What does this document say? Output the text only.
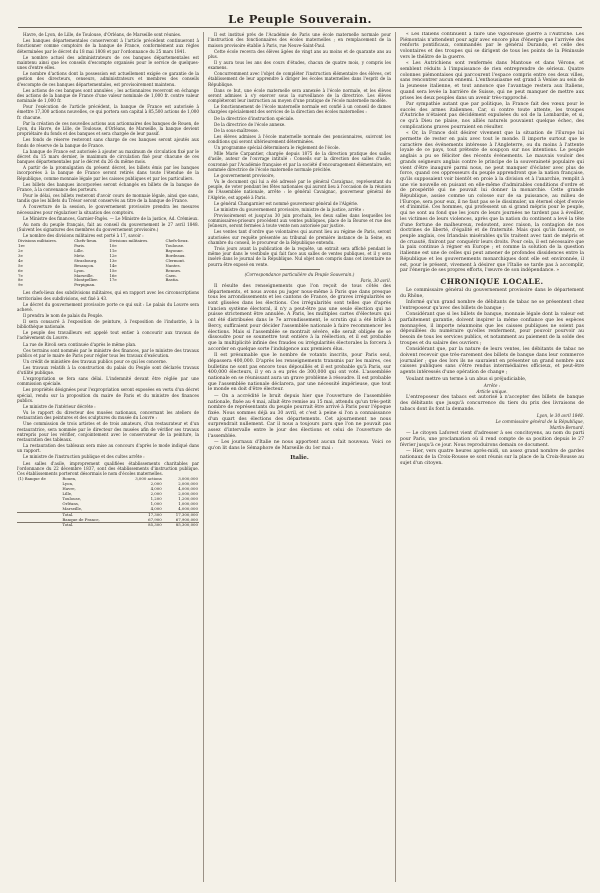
Le Peuple Souverain.

Havre, de Lyon, de Lille, de Toulouse, d'Orléans, de Marseille sont réunies.

Les banques départementales conserveront à l'article précédent continueront à fonctionner comme comptoirs de la banque de France, conformément aux règles déterminées par le décret du 18 mai 1808 et par l'ordonnance du 25 mars 1841.

Le nombre actuel des administrateurs de ces banques départementales est maintenu ainsi que les conseils d'escompte organisés pour le service de quelques-unes d'entre elles.

Le nombre d'actions dont la possession est actuellement exigée ce garantie de la gestion des directeurs, censeurs, administrateurs et membres des conseils d'escompte de ces banques départementales, est provisoirement maintenu.

Les actions de ces banques sont annulées ; les actionnaires recevront en échange des actions de la banque de France d'une valeur nominale de 1,000 fr. contre valeur nominale de 1,000 fr.

Pour l'exécution de l'article précédent, la banque de France est autorisée à émettre 17,300 actions nouvelles, ce qui portera son capital à 85,500 actions de 1,000 fr. chacune.

Par la création de ces nouvelles actions aux actionnaires des banques de Rouen, de Lyon, du Havre, de Lille, de Toulouse, d'Orléans, de Marseille, la banque devient propriétaire du fonds et des banques et sera chargée de leur passif.

Les fonds de réserve resteront sans charge de ces banques seront ajoutés aux fonds de réserve de la banque de France.

La banque de France est autorisée à ajouter au maximum de circulation fixé par le décret du 15 mars dernier, le maximum de circulation fixé pour chacune de ces banques départementales par le décret du 26 du même mois.

A partir de la promulgation du présent décret, les billets émis par les banques incorporées à la banque de France seront retirés dans toute l'étendue de la République, comme monnaie légale par les caisses publiques et par les particuliers.

Les billets des banques incorporées seront échangés en billets de la banque de France, à la convenance des porteurs.

Pour le délai, ces billets resteront d'avoir cours de monnaie légale, ainsi que sans, tandis que les billets du Trésor seront conservés au titre de la banque de France.

A l'ouverture de la session, le gouvernement provisoire prendra les mesures nécessaires pour régulariser la situation des comptoirs.

Le Ministre des finances, Garnier-Pagès. — Le Ministre de la justice, Ad. Crémieux.

Au nom du peuple français, fait au conseil du gouvernement le 27 avril 1848. (Suivent les signatures des membres du gouvernement provisoire.)

Le nombre des divisions militaires est porté à 17, savoir :

Divisions militaires.	Chefs-lieux.	Divisions militaires.	Chefs-lieux.
1re	Paris.	10e	Toulouse.
2e	Lille.	11e	Bayonne.
3e	Metz.	12e	Bordeaux.
4e	Strasbourg.	13e	Clermont.
5e	Besançon.	14e	Nantes.
6e	Lyon.	15e	Rennes.
7e	Marseille.	16e	Caen.
8e	Montpellier.	17e	Bastia.
9e	Perpignan.		

Les chefs-lieux des subdivisions militaires, qui en rapport avec les circonscriptions territoriales des subdivisions, est fixé à 43.

Le décret du gouvernement provisoire porte ce qui suit : Le palais du Louvre sera achevé.

Il prendra le nom de palais du Peuple.

Il sera consacré à l'exposition de peinture, à l'exposition de l'industrie, à la bibliothèque nationale.

Le peuple des travailleurs est appelé tout entier à concourir aux travaux de l'achèvement du Louvre.

La rue de Rivoli sera continuée d'après le même plan.

Ces terrains sont nommés par le ministre des finances, par le ministre des travaux publics et par le maire de Paris pour régler tous les travaux d'exécution.

Un crédit de ministère des travaux publics pour ce qui les concerne.

Les travaux relatifs à la construction du palais du Peuple sont déclarés travaux d'utilité publique.

L'expropriation se fera sans délai. L'indemnité devant être réglée par une commission spéciale.

Les propriétés désignées pour l'expropriation seront exposées en vertu d'un décret spécial, rendu sur la proposition du maire de Paris et du ministre des finances publics.

Le ministre de l'intérieur décrète :

Vu le rapport du directeur des musées nationaux, concernant les ateliers de restauration des peintures et des sculptures du musée du Louvre :

Une commission de trois artistes et de trois amateurs, d'un restaurateur et d'un restauratrice, sera nommée par le directeur des musées afin de vérifier ses travaux entrepris pour les vérifier, conjointement avec le conservateur de la peinture, la restauration des tableaux.

La restauration des tableaux sera mise au concours d'après le mode indiqué dans un rapport.

Le ministre de l'instruction publique et des cultes arrête :

Les salles d'asile, improprement qualifiées établissements charitables par l'ordonnance du 22 décembre 1837, sont des établissements d'instruction publique. Ces établissements porteront désormais le nom d'écoles maternelles.

(1) Banque de	Rouen,	3,000 actions	3,000,000
	Lyon,	2,000	2,000,000
	Havre,	4,000	4,000,000
	Lille,	2,000	2,000,000
	Toulouse,	1,200	1,200,000
	Orléans,	1,000	1,000,000
	Marseille,	4,000	4,000,000
	Total.	17,300	17,300,000
	Banque de France,	67,900	67,900,000
	Total.	85,300	85,300,000

Il est institué près de l'Académie de Paris une école maternelle normale pour l'instruction des fonctionnaires des écoles maternelles ; en remplacement de la maison provisoire établie à Paris, rue Neuve-Saint-Paul.

Cette école recevra des élèves âgées de vingt ans au moins et de quarante ans au plus.

Il y aura tous les ans des cours d'études, chacun de quatre mois, y compris les examens.

Concurremment avec l'objet de compléter l'instruction élémentaire des élèves, cet établissement de leur apprendre à diriger les écoles maternelles dans l'esprit de la République.

Dans ce but, une école maternelle sera annexée à l'école normale, et les élèves seront admises à s'y exercer sous la surveillance de la directrice. Les élèves compléteront leur instruction au moyen d'une pratique de l'école maternelle modèle.

Le fonctionnement de l'école maternelle normale est confié à un conseil de dames chargées spécialement des services de la direction des écoles maternelles :

De la directrice d'instruction spéciale.

De la directrice de l'école annexe.

De la sous-maîtresse.

Les élèves admises à l'école maternelle normale des pensionnaires, suivront les conditions qui seront ultérieurement déterminées.

Un programme spécial déterminera le règlement de l'école.

Mlle Marie Carpantier, chargée depuis 1875 de la direction pratique des salles d'asile, auteur de l'ouvrage intitulé : Conseils sur la direction des salles d'asile, couronné par l'Académie française et par la société d'encouragement élémentaire, est nommée directrice de l'école maternelle normale précitée.

Le gouvernement provisoire,

Vu le document qui lui a été adressé par le général Cavaignac, représentant du peuple, de voter pendant les fêtes nationales qui auront lieu à l'occasion de la réunion de l'Assemblée nationale, arrête : le général Cavaignac, gouverneur général de l'Algérie, est appelé à Paris.

Le général Changarnier est nommé gouverneur général de l'Algérie.

Le ministre du gouvernement provisoire, ministre de la justice, arrête :

Provisoirement et jusqu'au 30 juin prochain, les deux salles dans lesquelles les commissaires-priseurs procèdent aux ventes publiques, place de la Bourse et rue des Jeûneurs, seront fermées à toute vente non autorisée par justice.

Les ventes tant d'ordre que volontaires qui auront lieu au régime de Paris, seront autorisées sur requête présentée au tribunal de première instance de la Seine, en chambre du conseil, le procureur de la République entendu.

Trois jours avant la publication de la requête, un extrait sera affiché pendant le même jour dans le vestibule qui fait face aux salles de ventes publiques, et il y sera inséré dans le journal de la République. Nul objet non compris dans cet inventaire ne pourra être exposé en vente.

(Correspondance particulière du Peuple Souverain.)

Paris, 30 avril.

Il résulte des renseignements que l'on reçoit de tous côtés des départements, et nous avons pu juger nous-même à Paris que dans presque tous les arrondissements et les cantons de France, de graves irrégularités se sont glissées dans les élections. Ces irrégularités sont telles que d'après l'ancien système électoral, il n'y a peut-être pas une seule élection qui ne puisse strictement être annulée. A Paris, les multiples cartes d'électeurs qui ont été distribuées dans le 7e arrondissement, le scrutin qui a été brûlé à Bercy, suffiraient pour décider l'assemblée nationale à faire recommencer les élections. Mais si l'assemblée se montrait sévère, elle serait obligée de se dissoudre pour se soumettre tout entière à la réélection, et il est probable que la multiplicité infinie des fraudes ou irrégularités électorales la forcera à accorder en quelque sorte l'indulgence aux premiers élus.

Il est présumable que le nombre de votants inscrits, pour Paris seul, dépassera 400,000. D'après les renseignements transmis par les maires, ces bulletins ne sont pas encore tous dépouillés et il est probable qu'à Paris, sur 400,000 électeurs, il y en a eu près de 300,000 qui ont voté. L'assemblée nationale en se réunissant aura un grave problème à résoudre. Il est probable que l'assemblée nationale déclarera, par une nécessité impérieuse, que tout le monde en doit d'être électeur.

— On a accrédité le bruit depuis hier que l'ouverture de l'assemblée nationale, fixée au 4 mai, allait être remise au 15 mai, attendu qu'un très-petit nombre de représentants du peuple pourrait être arrivé à Paris pour l'époque fixée. Nous sommes déjà au 30 avril, et c'est à peine si l'on a connaissance d'un quart des élections des départements. Cet ajournement ne nous surprendrait nullement. Car il nous a toujours paru que l'on ne pouvait pas assez d'intervalle entre le jour des élections et celui de l'ouverture de l'assemblée.

— Les journaux d'Italie ne nous apportent aucun fait nouveau. Voici ce qu'on lit dans le Sémaphore de Marseille du 1er mai :

Italie.

« Les Italiens continuent à faire une vigoureuse guerre à l'Autriche. Les Piémontais n'attendent pour agir avec encore plus d'énergie que l'arrivée des renforts pontificaux, commandés par le général Durando, et celle des volontaires et des troupes qui se dirigent de tous les points de la Péninsule vers le théâtre de la guerre.

« Les Autrichiens sont renfermés dans Mantoue et dans Vérone, et semblent réduits à l'impuissance de rien entreprendre de sérieux. Quatre colonnes piémontaises qui parcourent l'espace compris entre ces deux villes, sans rencontrer aucun ennemi. L'enthousiasme est grand à Venise au sein de la jeunesse italienne, et tout annonce que l'avantage restera aux Italiens, quand sera levée la barrière de Suisse, qui ne peut manquer de mettre aux prises les deux peuples dans un avenir très-rapproché.

Par sympathie autant que par politique, la France fait des vœux pour le succès des armes italiennes. Car, si contre toute attente, les troupes d'Autriche n'étaient pas décidément expulsées du sol de la Lombardie, et si, ce qu'à Dieu ne plaise, nos alliés naturels pouvaient quelque échec, des complications graves pourraient en résulter.

« Or, la France doit désirer vivement que la situation de l'Europe lui permette de rester en paix avec tout le monde. Il importe surtout que le caractère des événements intéresse à l'Angleterre, ou du moins à l'attente loyale de ce pays, tout prétexte de soupçon sur nos intentions. Le peuple anglais a pu se féliciter des récents événements. Le mauvais vouloir des grands seigneurs anglais contre le principe de la souveraineté populaire qui vient d'être inauguré parmi nous, ne peut manquer d'éclater avec plus de force, quand ces oppresseurs du peuple apprendront que la nation française, qu'ils supposaient voir bientôt en proie à la division et à l'anarchie, remplit à une vie nouvelle en puisant en elle-même d'admirables conditions d'ordre et de prospérité qui ne pouvait lui donner la monarchie. Cette grande République, assise comme un colosse sur de sa puissance, au milieu de l'Europe, sera pour eux, il ne faut pas se le dissimuler, un éternel objet d'envie et d'inimitié. Ces hommes, qui professent un si grand mépris pour le peuple, qui ne sont au fond que les jours de leurs journées ne tardent pas à éveiller, les victimes de leurs violences, après que la nation du continent a levé la tête d'une fortune de malheureux, redoutent, avec raison, la contagion de nos doctrines de liberté, d'égalité et de fraternité. Mais quoi qu'ils fassent, ce peuple anglais, ces Irlandais misérables qu'ils traitent avec tant de mépris et de cruauté, finiront par conquérir leurs droits. Pour cela, il est nécessaire que la paix continue à régner en Europe ; et comme la solution de la question italienne est une de celles qui peut amener de profondes dissidences entre la République et les gouvernements monarchiques dont elle est environnée, il est, pour le présent, vivement à désirer que l'Italie se tarde pas à accomplir, par l'énergie de ses propres efforts, l'œuvre de son indépendance. »

CHRONIQUE LOCALE.

Le commissaire général du gouvernement provisoire dans le département du Rhône,

Informé qu'un grand nombre de débitants de tabac ne se présentent chez l'entreposeur qu'avec des billets de banque ;

Considérant que si les billets de banque, monnaie légale dont la valeur est parfaitement garantie, doivent inspirer la même confiance que les espèces monnayées, il importe néanmoins que les caisses publiques ne soient pas dépouillées du numéraire qu'elles renferment, pour pouvoir pourvoir au besoin de tous les services publics, et notamment au paiement de la solde des troupes et du salaire des ouvriers ;

Considérant que, par la nature de leurs ventes, les débitants de tabac ne doivent recevoir que très-rarement des billets de banque dans leur commerce journalier ; que des lors ils ne sauraient en présenter un grand nombre aux caisses publiques sans s'être rendus intermédiaires officieux, et peut-être agents intéressés d'une opération de change ;

Voulant mettre un terme à un abus si préjudiciable,

Arrête :

Article unique.

L'entreposeur des tabacs est autorisé à n'accepter des billets de banque des débitants que jusqu'à concurrence du tiers du prix des livraisons de tabacs dont ils font la demande.

Lyon, le 30 avril 1848.

Le commissaire général de la République,

Martin-Bernard.

— Le citoyen Laforest vient d'adresser à ses concitoyens, au nom du parti pour Paris, une proclamation où il rend compte de sa position depuis le 27 février jusqu'à ce jour. Nous reproduirons demain ce document.

— Hier, vers quatre heures après-midi, un assez grand nombre de gardes nationaux de la Croix-Rousse se sont réunis sur la place de la Croix-Rousse au sujet d'un citoyen.
